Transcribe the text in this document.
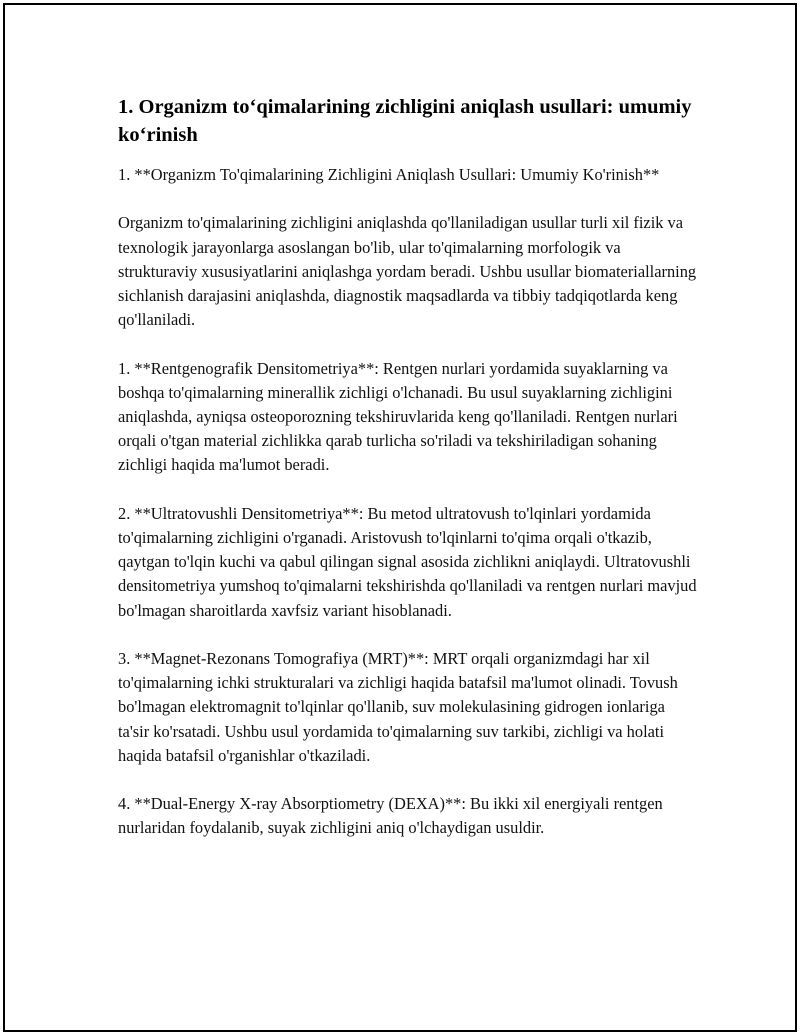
1. Organizm to‘qimalarining zichligini aniqlash usullari: umumiy ko‘rinish

1. **Organizm To'qimalarining Zichligini Aniqlash Usullari: Umumiy Ko'rinish**

Organizm to'qimalarining zichligini aniqlashda qo'llaniladigan usullar turli xil fizik va texnologik jarayonlarga asoslangan bo'lib, ular to'qimalarning morfologik va strukturaviy xususiyatlarini aniqlashga yordam beradi. Ushbu usullar biomateriallarning sichlanish darajasini aniqlashda, diagnostik maqsadlarda va tibbiy tadqiqotlarda keng qo'llaniladi.

1. **Rentgenografik Densitometriya**: Rentgen nurlari yordamida suyaklarning va boshqa to'qimalarning minerallik zichligi o'lchanadi. Bu usul suyaklarning zichligini aniqlashda, ayniqsa osteoporozning tekshiruvlarida keng qo'llaniladi. Rentgen nurlari orqali o'tgan material zichlikka qarab turlicha so'riladi va tekshiriladigan sohaning zichligi haqida ma'lumot beradi.

2. **Ultratovushli Densitometriya**: Bu metod ultratovush to'lqinlari yordamida to'qimalarning zichligini o'rganadi. Aristovush to'lqinlarni to'qima orqali o'tkazib, qaytgan to'lqin kuchi va qabul qilingan signal asosida zichlikni aniqlaydi. Ultratovushli densitometriya yumshoq to'qimalarni tekshirishda qo'llaniladi va rentgen nurlari mavjud bo'lmagan sharoitlarda xavfsiz variant hisoblanadi.

3. **Magnet-Rezonans Tomografiya (MRT)**: MRT orqali organizmdagi har xil to'qimalarning ichki strukturalari va zichligi haqida batafsil ma'lumot olinadi. Tovush bo'lmagan elektromagnit to'lqinlar qo'llanib, suv molekulasining gidrogen ionlariga ta'sir ko'rsatadi. Ushbu usul yordamida to'qimalarning suv tarkibi, zichligi va holati haqida batafsil o'rganishlar o'tkaziladi.

4. **Dual-Energy X-ray Absorptiometry (DEXA)**: Bu ikki xil energiyali rentgen nurlaridan foydalanib, suyak zichligini aniq o'lchaydigan usuldir.
